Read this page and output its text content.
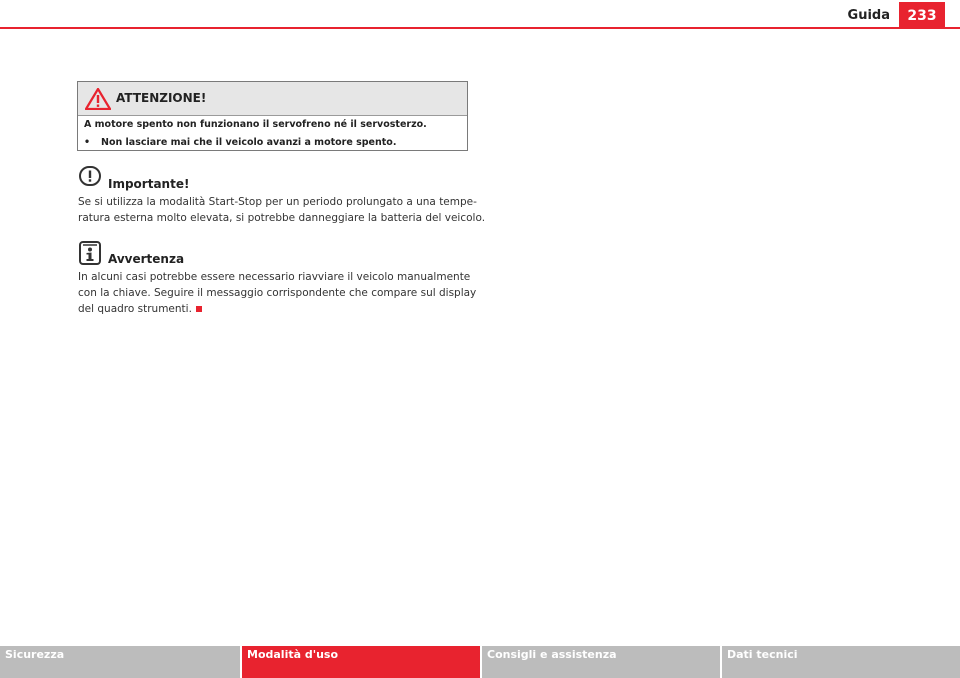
Guida	233
ATTENZIONE!
A motore spento non funzionano il servofreno né il servosterzo.
• Non lasciare mai che il veicolo avanzi a motore spento.
Importante!
Se si utilizza la modalità Start-Stop per un periodo prolungato a una tempe-
ratura esterna molto elevata, si potrebbe danneggiare la batteria del veicolo.
Avvertenza
In alcuni casi potrebbe essere necessario riavviare il veicolo manualmente
con la chiave. Seguire il messaggio corrispondente che compare sul display
del quadro strumenti.
Sicurezza	Modalità d'uso	Consigli e assistenza	Dati tecnici
